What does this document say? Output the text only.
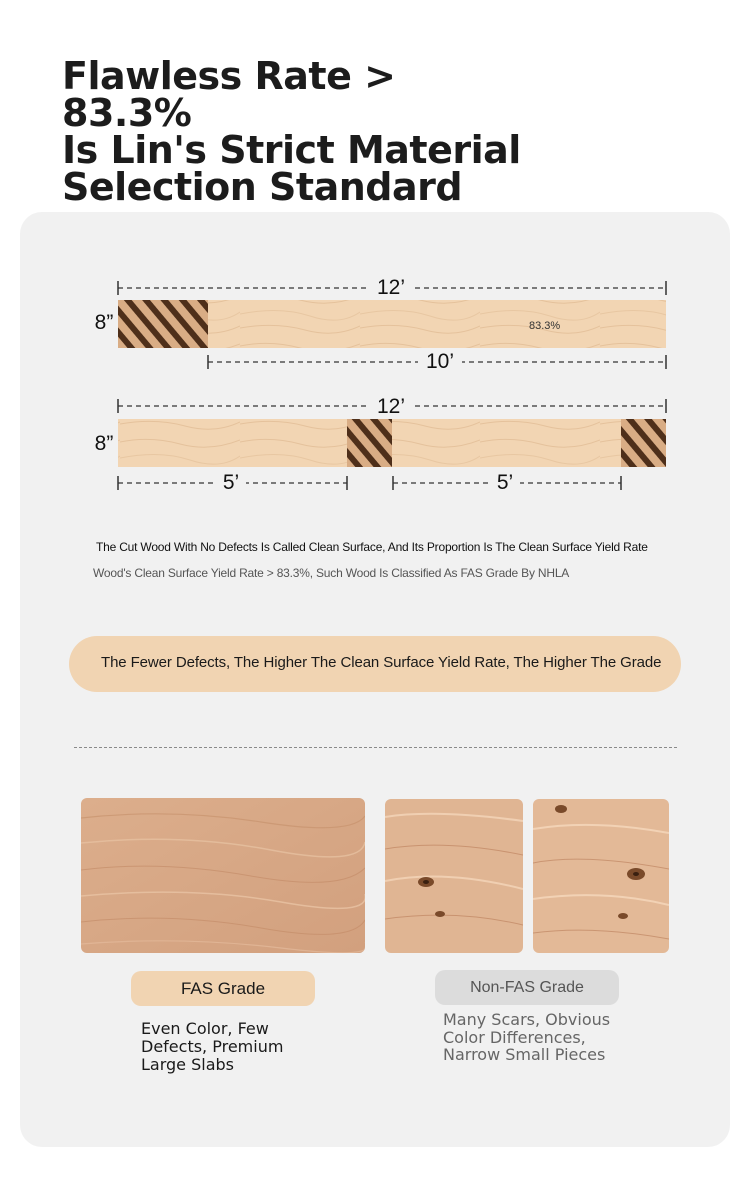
Flawless Rate > 83.3%
Is Lin's Strict Material
Selection Standard
12’
8”	83.3%
10’
12’
8”
5’	5’

The Cut Wood With No Defects Is Called Clean Surface, And Its Proportion Is The Clean Surface Yield Rate

Wood's Clean Surface Yield Rate > 83.3%, Such Wood Is Classified As FAS Grade By NHLA

The Fewer Defects, The Higher The Clean Surface Yield Rate, The Higher The Grade
FAS Grade	Non-FAS Grade

Even Color, Few Defects, Premium Large Slabs

Many Scars, Obvious Color Differences, Narrow Small Pieces
